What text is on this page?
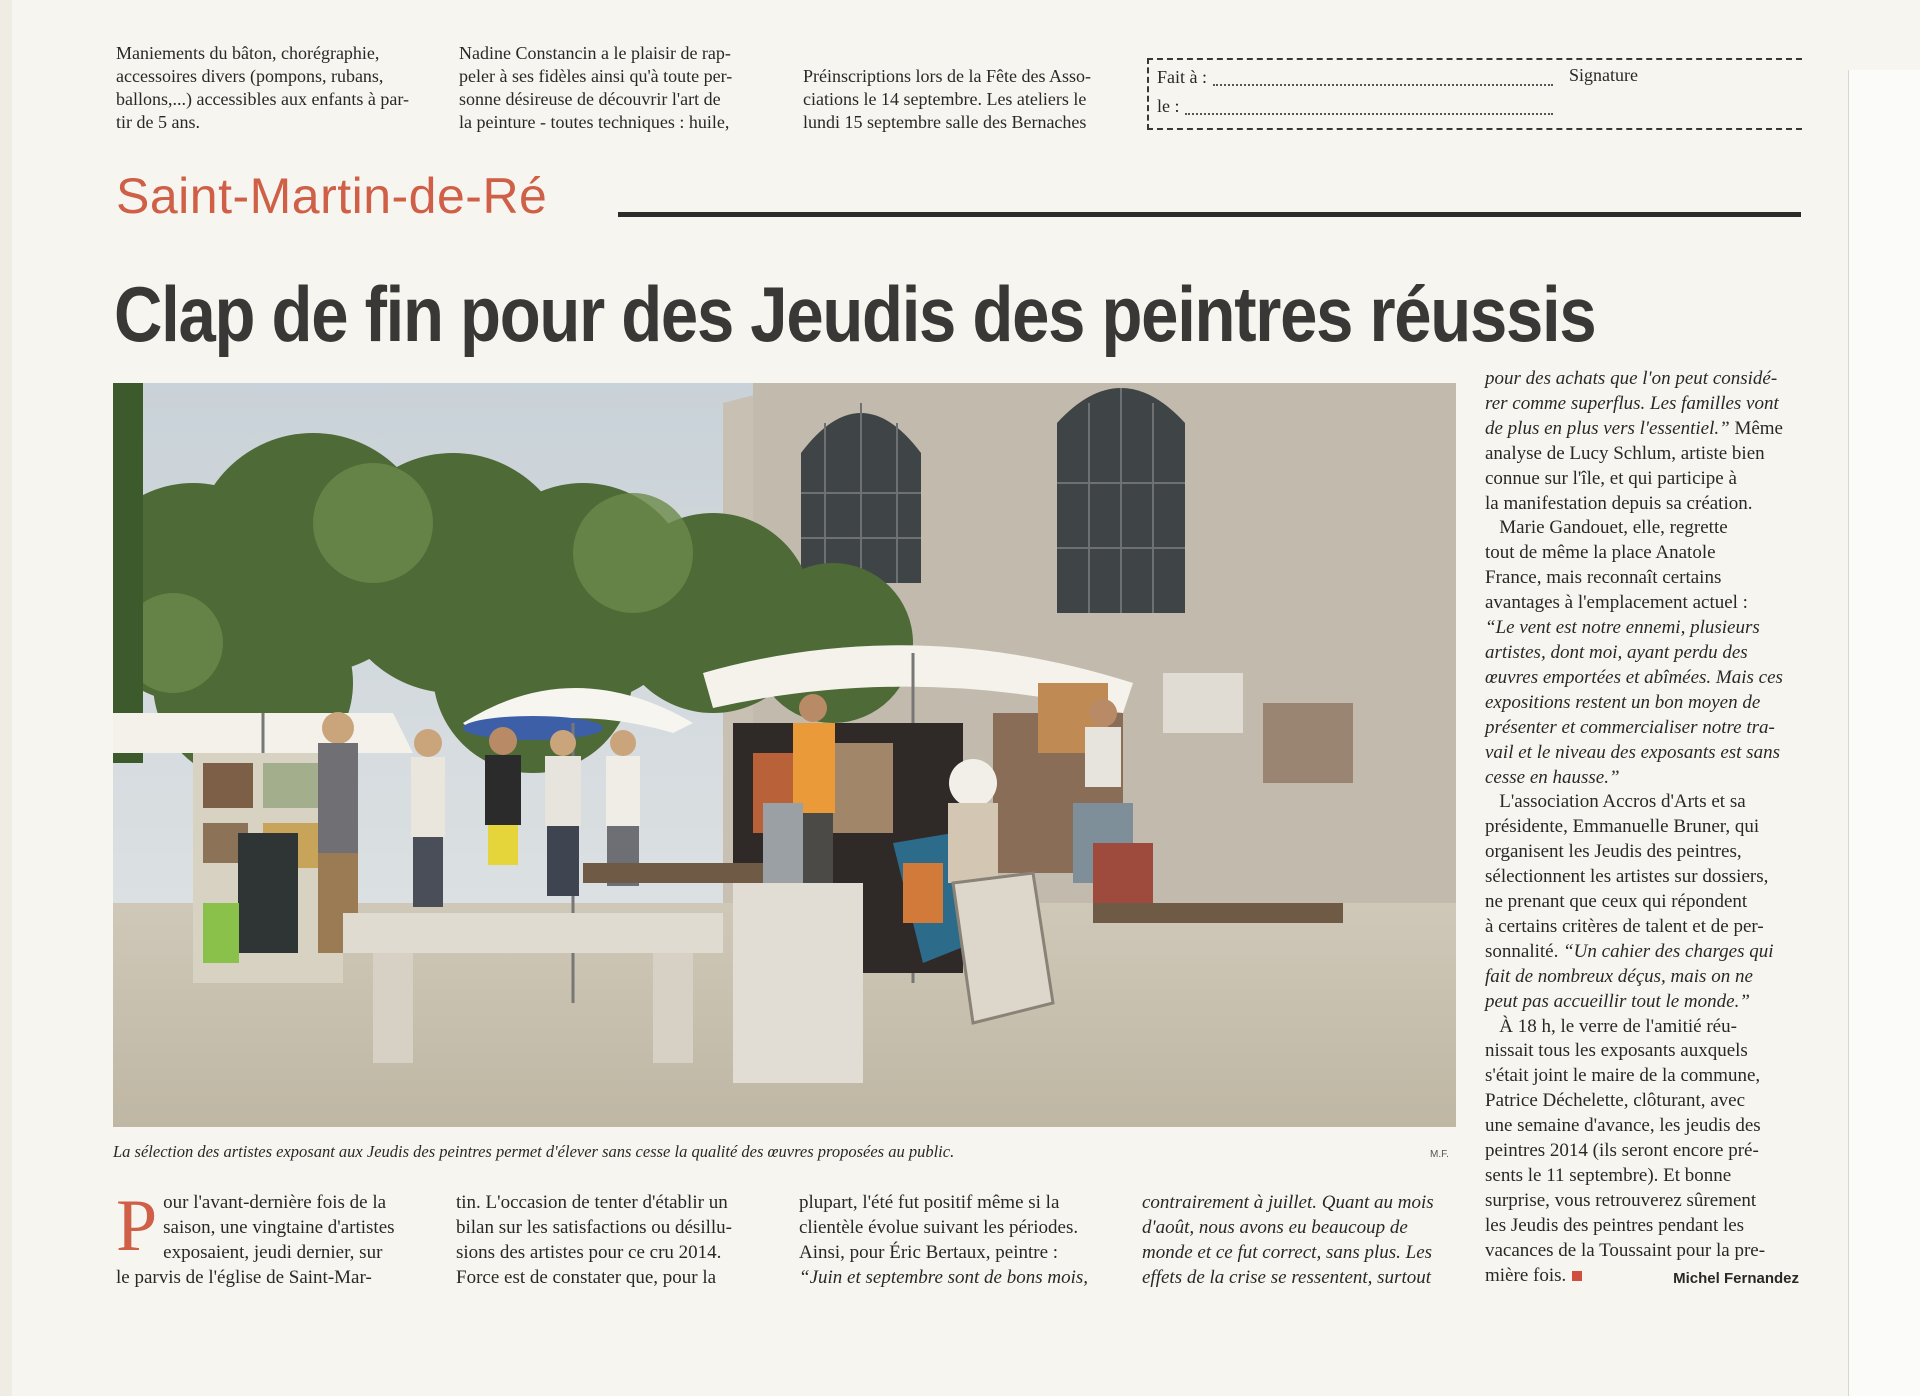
Maniements du bâton, chorégraphie,

accessoires divers (pompons, rubans,

ballons,...) accessibles aux enfants à par-

tir de 5 ans.

Nadine Constancin a le plaisir de rap-

peler à ses fidèles ainsi qu'à toute per-

sonne désireuse de découvrir l'art de

la peinture - toutes techniques : huile,

Préinscriptions lors de la Fête des Asso-

ciations le 14 septembre. Les ateliers le

lundi 15 septembre salle des Bernaches

Fait à :	Signature
le :
Saint-Martin-de-Ré
Clap de fin pour des Jeudis des peintres réussis
La sélection des artistes exposant aux Jeudis des peintres permet d'élever sans cesse la qualité des œuvres proposées au public.	M.F.
P our l'avant-dernière fois de la

saison, une vingtaine d'artistes

exposaient, jeudi dernier, sur

le parvis de l'église de Saint-Mar-

tin. L'occasion de tenter d'établir un

bilan sur les satisfactions ou désillu-

sions des artistes pour ce cru 2014.

Force est de constater que, pour la

plupart, l'été fut positif même si la

clientèle évolue suivant les périodes.

Ainsi, pour Éric Bertaux, peintre :

“Juin et septembre sont de bons mois,

contrairement à juillet. Quant au mois

d'août, nous avons eu beaucoup de

monde et ce fut correct, sans plus. Les

effets de la crise se ressentent, surtout

pour des achats que l'on peut considé-

rer comme superflus. Les familles vont

de plus en plus vers l'essentiel.” Même

analyse de Lucy Schlum, artiste bien

connue sur l'île, et qui participe à

la manifestation depuis sa création.

Marie Gandouet, elle, regrette

tout de même la place Anatole

France, mais reconnaît certains

avantages à l'emplacement actuel :

“Le vent est notre ennemi, plusieurs

artistes, dont moi, ayant perdu des

œuvres emportées et abîmées. Mais ces

expositions restent un bon moyen de

présenter et commercialiser notre tra-

vail et le niveau des exposants est sans

cesse en hausse.”

L'association Accros d'Arts et sa

présidente, Emmanuelle Bruner, qui

organisent les Jeudis des peintres,

sélectionnent les artistes sur dossiers,

ne prenant que ceux qui répondent

à certains critères de talent et de per-

sonnalité. “Un cahier des charges qui

fait de nombreux déçus, mais on ne

peut pas accueillir tout le monde.”

À 18 h, le verre de l'amitié réu-

nissait tous les exposants auxquels

s'était joint le maire de la commune,

Patrice Déchelette, clôturant, avec

une semaine d'avance, les jeudis des

peintres 2014 (ils seront encore pré-

sents le 11 septembre). Et bonne

surprise, vous retrouverez sûrement

les Jeudis des peintres pendant les

vacances de la Toussaint pour la pre-

mière fois.	Michel Fernandez
